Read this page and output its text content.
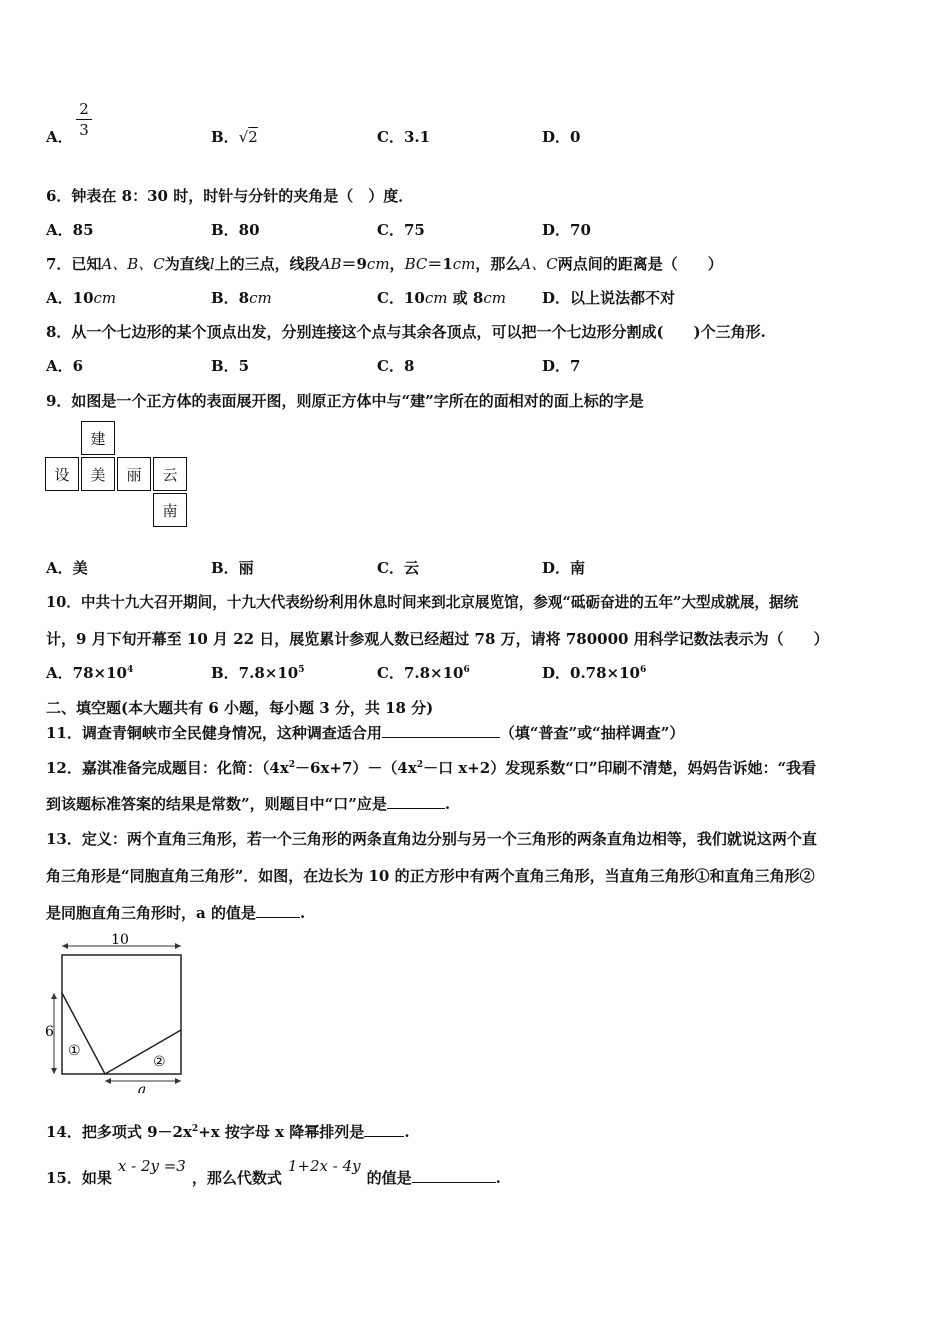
A．
2
3	B．√2	C．3.1	D．0
6．钟表在 8：30 时，时针与分针的夹角是（　）度．
A．85	B．80	C．75	D．70
7．已知A、B、C为直线l上的三点，线段AB＝9cm，BC＝1cm，那么A、C两点间的距离是（　　）
A．10cm	B．8cm	C．10cm 或 8cm D．以上说法都不对
8．从一个七边形的某个顶点出发，分别连接这个点与其余各顶点，可以把一个七边形分割成(　　)个三角形.
A．6	B．5	C．8	D．7
9．如图是一个正方体的表面展开图，则原正方体中与“建”字所在的面相对的面上标的字是
建
设	美	丽	云
南
A．美	B．丽	C．云	D．南
10．中共十九大召开期间，十九大代表纷纷利用休息时间来到北京展览馆，参观“砥砺奋进的五年”大型成就展，据统
计，9 月下旬开幕至 10 月 22 日，展览累计参观人数已经超过 78 万，请将 780000 用科学记数法表示为（　　）
A．$78\times 10^4$	B．$7.8\times 10^5$	C．$7.8\times 10^6$	D．$0.78\times 10^6$
二、填空题(本大题共有 6 小题，每小题 3 分，共 18 分)
11．调查青铜峡市全民健身情况，这种调查适合用	（填“普查”或“抽样调查”）
12．嘉淇准备完成题目：化简：$(4x^2-6x+7)-(4x^2-$口 x+2）发现系数“口”印刷不清楚，妈妈告诉她：“我看
到该题标准答案的结果是常数”，则题目中“口”应是	.
13．定义：两个直角三角形，若一个三角形的两条直角边分别与另一个三角形的两条直角边相等，我们就说这两个直
角三角形是“同胞直角三角形”．如图，在边长为 10 的正方形中有两个直角三角形，当直角三角形①和直角三角形②
是同胞直角三角形时，a 的值是	.
10
6
a
①
②
14．把多项式 $9-2x^2+x$ 按字母 x 降幂排列是	.
15．如果x - 2y =3，那么代数式1+2x - 4y的值是	.
